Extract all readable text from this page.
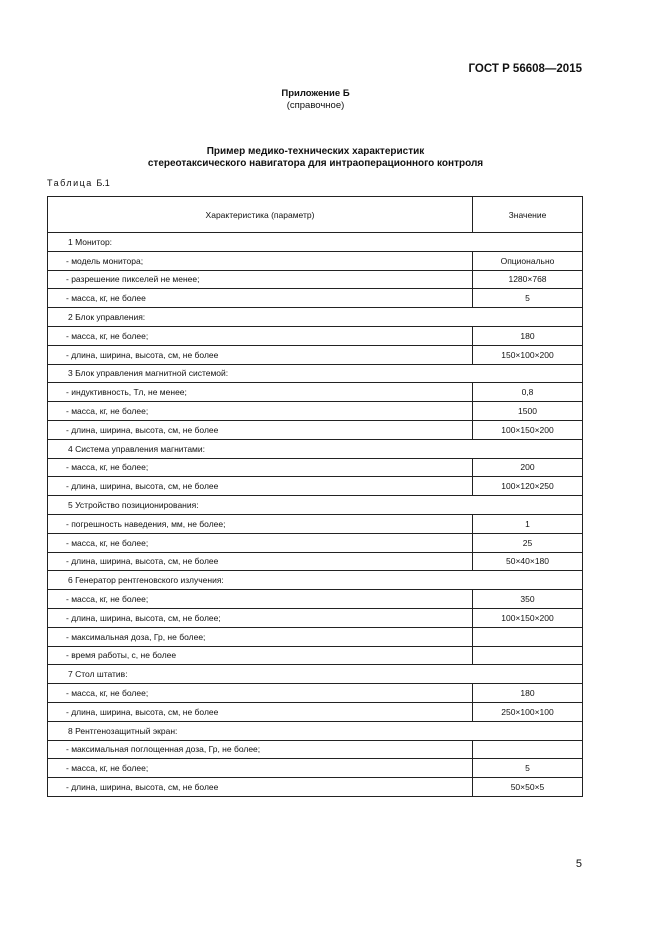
ГОСТ Р 56608—2015
Приложение Б
(справочное)
Пример медико-технических характеристик
стереотаксического навигатора для интраоперационного контроля
Таблица Б.1
Характеристика (параметр)	Значение
1 Монитор:	
- модель монитора;	Опционально
- разрешение пикселей не менее;	1280×768
- масса, кг, не более	5
2 Блок управления:	
- масса, кг, не более;	180
- длина, ширина, высота, см, не более	150×100×200
3 Блок управления магнитной системой:	
- индуктивность, Тл, не менее;	0,8
- масса, кг, не более;	1500
- длина, ширина, высота, см, не более	100×150×200
4 Система управления магнитами:	
- масса, кг, не более;	200
- длина, ширина, высота, см, не более	100×120×250
5 Устройство позиционирования:	
- погрешность наведения, мм, не более;	1
- масса, кг, не более;	25
- длина, ширина, высота, см, не более	50×40×180
6 Генератор рентгеновского излучения:	
- масса, кг, не более;	350
- длина, ширина, высота, см, не более;	100×150×200
- максимальная доза, Гр, не более;	
- время работы, с, не более	
7 Стол штатив:	
- масса, кг, не более;	180
- длина, ширина, высота, см, не более	250×100×100
8 Рентгенозащитный экран:	
- максимальная поглощенная доза, Гр, не более;	
- масса, кг, не более;	5
- длина, ширина, высота, см, не более	50×50×5
5
